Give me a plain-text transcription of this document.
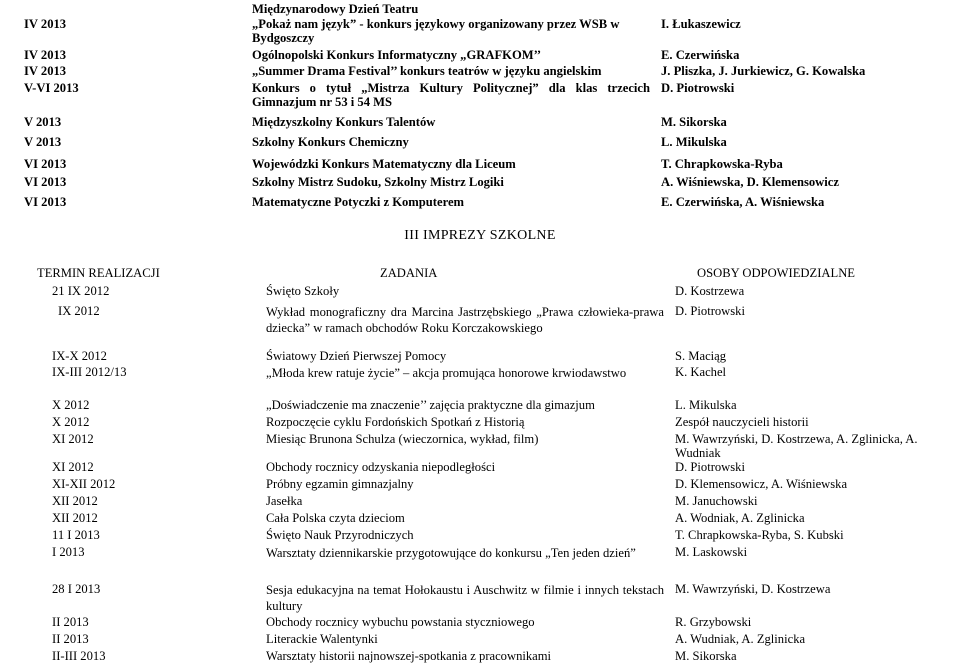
	Międzynarodowy Dzień Teatru	
IV 2013	„Pokaż nam język” - konkurs językowy organizowany przez WSB w Bydgoszczy	I. Łukaszewicz
IV 2013	Ogólnopolski Konkurs Informatyczny „GRAFKOM’’	E. Czerwińska
IV 2013	„Summer Drama Festival’’ konkurs teatrów w języku angielskim	J. Pliszka, J. Jurkiewicz, G. Kowalska
V-VI 2013	Konkurs o tytuł „Mistrza Kultury Politycznej” dla klas trzecich Gimnazjum nr 53 i 54 MS	D. Piotrowski
V 2013	Międzyszkolny Konkurs Talentów	M. Sikorska
V 2013	Szkolny Konkurs Chemiczny	L. Mikulska
VI 2013	Wojewódzki Konkurs Matematyczny dla Liceum	T. Chrapkowska-Ryba
VI 2013	Szkolny Mistrz Sudoku, Szkolny Mistrz Logiki	A. Wiśniewska, D. Klemensowicz
VI 2013	Matematyczne Potyczki z Komputerem	E. Czerwińska, A. Wiśniewska
III IMPREZY SZKOLNE
TERMIN REALIZACJI	ZADANIA	OSOBY ODPOWIEDZIALNE
21 IX 2012	Święto Szkoły	D. Kostrzewa
IX 2012	Wykład monograficzny dra Marcina Jastrzębskiego „Prawa człowieka-prawa dziecka” w ramach obchodów Roku Korczakowskiego	D. Piotrowski
IX-X 2012	Światowy Dzień Pierwszej Pomocy	S. Maciąg
IX-III 2012/13	„Młoda krew ratuje życie” – akcja promująca honorowe krwiodawstwo	K. Kachel
X 2012	„Doświadczenie ma znaczenie’’ zajęcia praktyczne dla gimazjum	L. Mikulska
X 2012	Rozpoczęcie cyklu Fordońskich Spotkań z Historią	Zespół nauczycieli historii
XI 2012	Miesiąc Brunona Schulza (wieczornica, wykład, film)	M. Wawrzyński, D. Kostrzewa, A. Zglinicka, A. Wudniak
XI 2012	Obchody rocznicy odzyskania niepodległości	D. Piotrowski
XI-XII 2012	Próbny egzamin gimnazjalny	D. Klemensowicz, A. Wiśniewska
XII 2012	Jasełka	M. Januchowski
XII 2012	Cała Polska czyta dzieciom	A. Wodniak, A. Zglinicka
11 I 2013	Święto Nauk Przyrodniczych	T. Chrapkowska-Ryba, S. Kubski
I 2013	Warsztaty dziennikarskie przygotowujące do konkursu „Ten jeden dzień”	M. Laskowski
28 I 2013	Sesja edukacyjna na temat Hołokaustu i Auschwitz w filmie i innych tekstach kultury	M. Wawrzyński, D. Kostrzewa
II 2013	Obchody rocznicy wybuchu powstania styczniowego	R. Grzybowski
II 2013	Literackie Walentynki	A. Wudniak, A. Zglinicka
II-III 2013	Warsztaty historii najnowszej-spotkania z pracownikami	M. Sikorska
